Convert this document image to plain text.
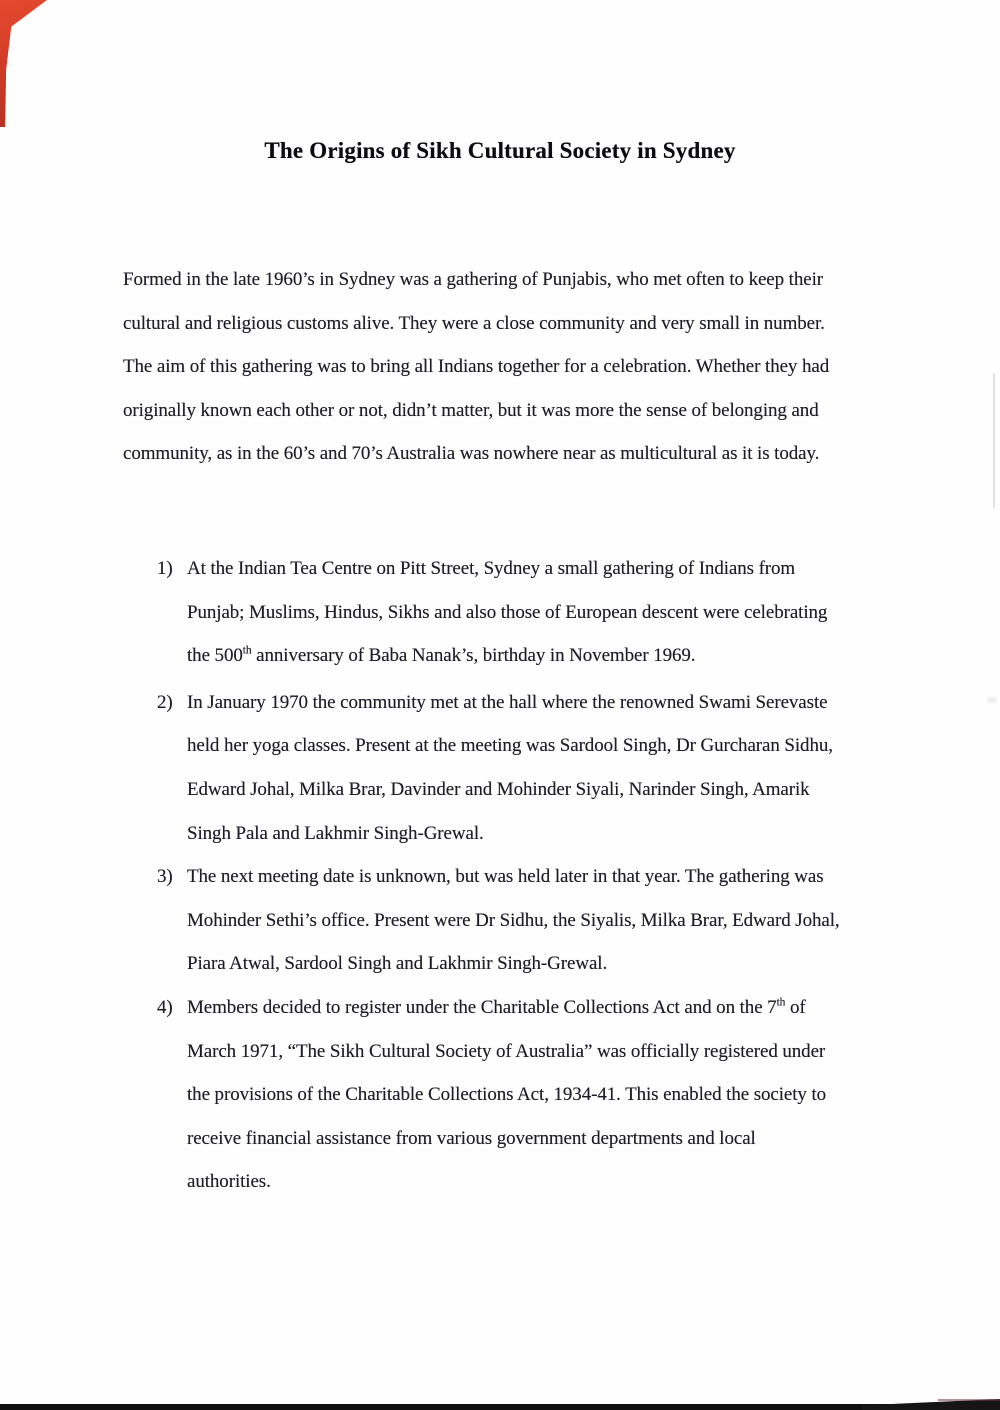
The Origins of Sikh Cultural Society in Sydney
Formed in the late 1960’s in Sydney was a gathering of Punjabis, who met often to keep their
cultural and religious customs alive. They were a close community and very small in number.
The aim of this gathering was to bring all Indians together for a celebration. Whether they had
originally known each other or not, didn’t matter, but it was more the sense of belonging and
community, as in the 60’s and 70’s Australia was nowhere near as multicultural as it is today.
1) At the Indian Tea Centre on Pitt Street, Sydney a small gathering of Indians from
Punjab; Muslims, Hindus, Sikhs and also those of European descent were celebrating
the 500th anniversary of Baba Nanak’s, birthday in November 1969.
2) In January 1970 the community met at the hall where the renowned Swami Serevaste
held her yoga classes. Present at the meeting was Sardool Singh, Dr Gurcharan Sidhu,
Edward Johal, Milka Brar, Davinder and Mohinder Siyali, Narinder Singh, Amarik
Singh Pala and Lakhmir Singh-Grewal.
3) The next meeting date is unknown, but was held later in that year. The gathering was
Mohinder Sethi’s office. Present were Dr Sidhu, the Siyalis, Milka Brar, Edward Johal,
Piara Atwal, Sardool Singh and Lakhmir Singh-Grewal.
4) Members decided to register under the Charitable Collections Act and on the 7th of
March 1971, “The Sikh Cultural Society of Australia” was officially registered under
the provisions of the Charitable Collections Act, 1934-41. This enabled the society to
receive financial assistance from various government departments and local
authorities.
